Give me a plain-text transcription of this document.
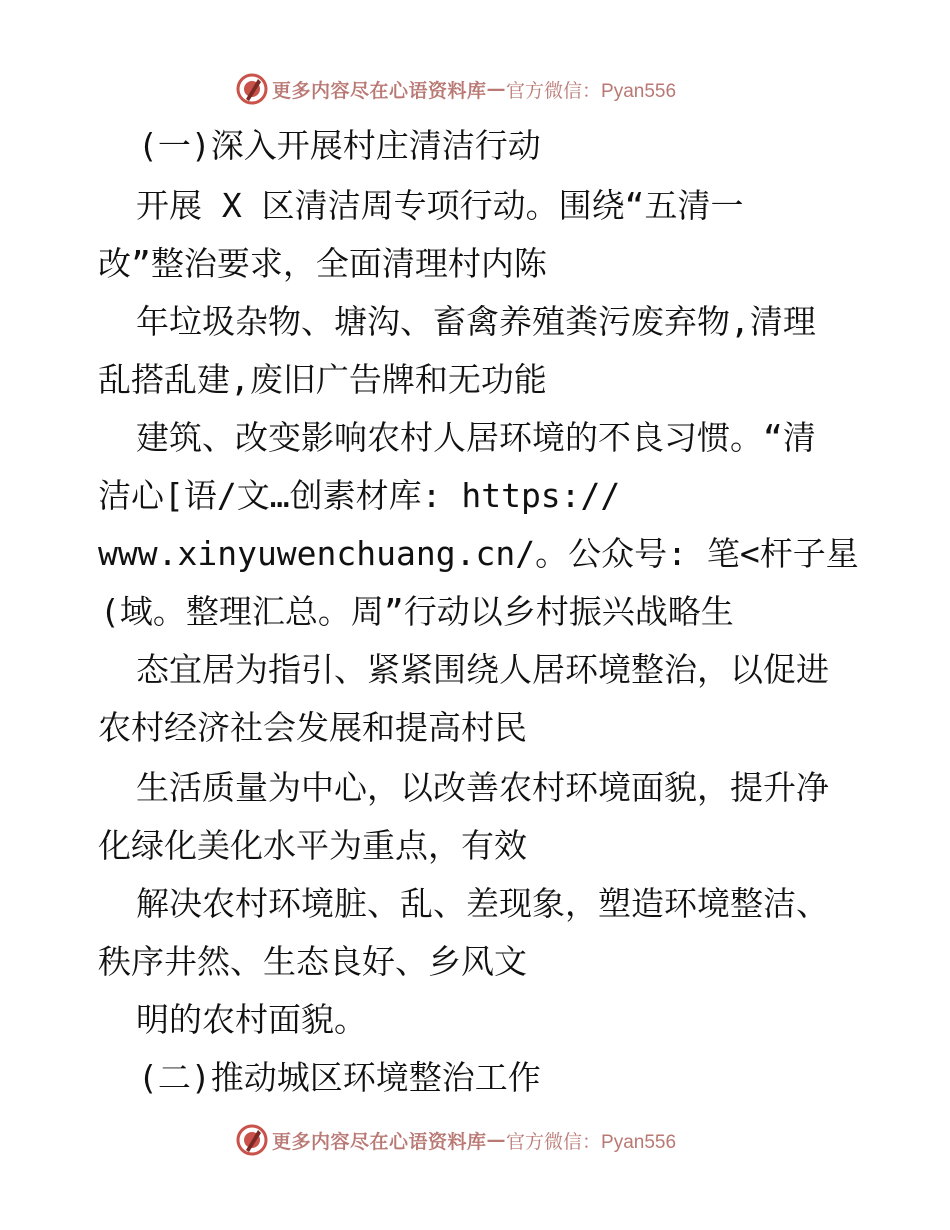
更多内容尽在心语资料库 — 官方微信：Pyan556
(一)深入开展村庄清洁行动
开展 X 区清洁周专项行动。围绕“五清一
改”整治要求，全面清理村内陈
年垃圾杂物、塘沟、畜禽养殖粪污废弃物,清理
乱搭乱建,废旧广告牌和无功能
建筑、改变影响农村人居环境的不良习惯。“清
洁心[语/文…创素材库: https://
www.xinyuwenchuang.cn/。公众号: 笔<杆子星
(域。整理汇总。周”行动以乡村振兴战略生
态宜居为指引、紧紧围绕人居环境整治，以促进
农村经济社会发展和提高村民
生活质量为中心，以改善农村环境面貌，提升净
化绿化美化水平为重点，有效
解决农村环境脏、乱、差现象，塑造环境整洁、
秩序井然、生态良好、乡风文
明的农村面貌。
(二)推动城区环境整治工作
更多内容尽在心语资料库 — 官方微信：Pyan556
